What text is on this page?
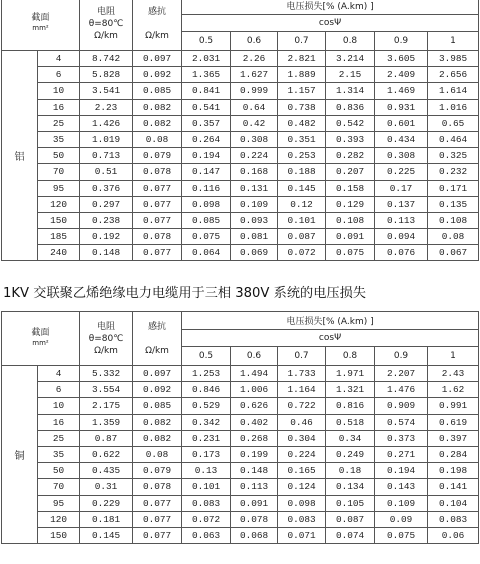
截面
$^{mm^2}$		电阻
θ=80℃
Ω/km	感抗

Ω/km	电压损失[% (A.km) ]					
				cosΨ					
				0.5	0.6	0.7	0.8	0.9	1
铝	4	8.742	0.097	2.031	2.26	2.821	3.214	3.605	3.985
	6	5.828	0.092	1.365	1.627	1.889	2.15	2.409	2.656
	10	3.541	0.085	0.841	0.999	1.157	1.314	1.469	1.614
	16	2.23	0.082	0.541	0.64	0.738	0.836	0.931	1.016
	25	1.426	0.082	0.357	0.42	0.482	0.542	0.601	0.65
	35	1.019	0.08	0.264	0.308	0.351	0.393	0.434	0.464
	50	0.713	0.079	0.194	0.224	0.253	0.282	0.308	0.325
	70	0.51	0.078	0.147	0.168	0.188	0.207	0.225	0.232
	95	0.376	0.077	0.116	0.131	0.145	0.158	0.17	0.171
	120	0.297	0.077	0.098	0.109	0.12	0.129	0.137	0.135
	150	0.238	0.077	0.085	0.093	0.101	0.108	0.113	0.108
	185	0.192	0.078	0.075	0.081	0.087	0.091	0.094	0.08
	240	0.148	0.077	0.064	0.069	0.072	0.075	0.076	0.067
1KV 交联聚乙烯绝缘电力电缆用于三相 380V 系统的电压损失
截面
$^{mm^2}$		电阻
θ=80℃
Ω/km	感抗

Ω/km	电压损失[% (A.km) ]					
				cosΨ					
				0.5	0.6	0.7	0.8	0.9	1
铜	4	5.332	0.097	1.253	1.494	1.733	1.971	2.207	2.43
	6	3.554	0.092	0.846	1.006	1.164	1.321	1.476	1.62
	10	2.175	0.085	0.529	0.626	0.722	0.816	0.909	0.991
	16	1.359	0.082	0.342	0.402	0.46	0.518	0.574	0.619
	25	0.87	0.082	0.231	0.268	0.304	0.34	0.373	0.397
	35	0.622	0.08	0.173	0.199	0.224	0.249	0.271	0.284
	50	0.435	0.079	0.13	0.148	0.165	0.18	0.194	0.198
	70	0.31	0.078	0.101	0.113	0.124	0.134	0.143	0.141
	95	0.229	0.077	0.083	0.091	0.098	0.105	0.109	0.104
	120	0.181	0.077	0.072	0.078	0.083	0.087	0.09	0.083
	150	0.145	0.077	0.063	0.068	0.071	0.074	0.075	0.06
